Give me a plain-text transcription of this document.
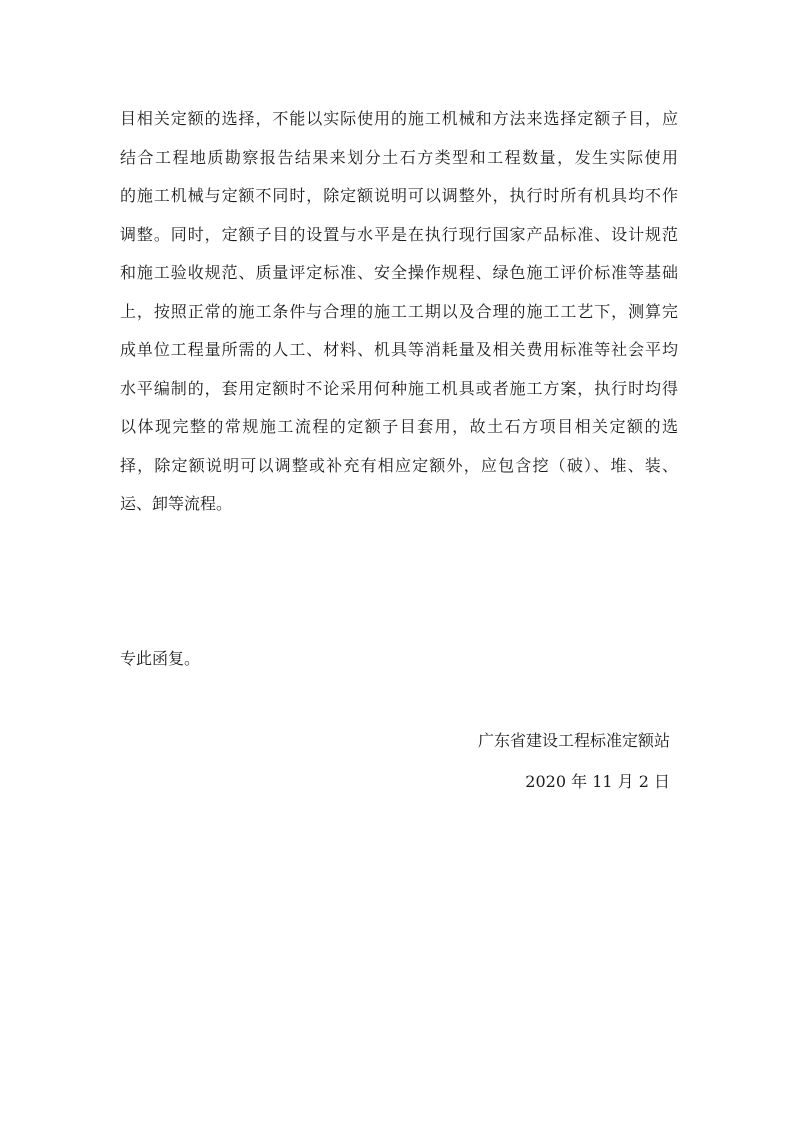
目相关定额的选择，不能以实际使用的施工机械和方法来选择定额子目，应
结合工程地质勘察报告结果来划分土石方类型和工程数量，发生实际使用
的施工机械与定额不同时，除定额说明可以调整外，执行时所有机具均不作
调整。同时，定额子目的设置与水平是在执行现行国家产品标准、设计规范
和施工验收规范、质量评定标准、安全操作规程、绿色施工评价标准等基础
上，按照正常的施工条件与合理的施工工期以及合理的施工工艺下，测算完
成单位工程量所需的人工、材料、机具等消耗量及相关费用标准等社会平均
水平编制的，套用定额时不论采用何种施工机具或者施工方案，执行时均得
以体现完整的常规施工流程的定额子目套用，故土石方项目相关定额的选
择，除定额说明可以调整或补充有相应定额外，应包含挖（破）、堆、装、
运、卸等流程。
专此函复。
广东省建设工程标准定额站
2020 年 11 月 2 日
